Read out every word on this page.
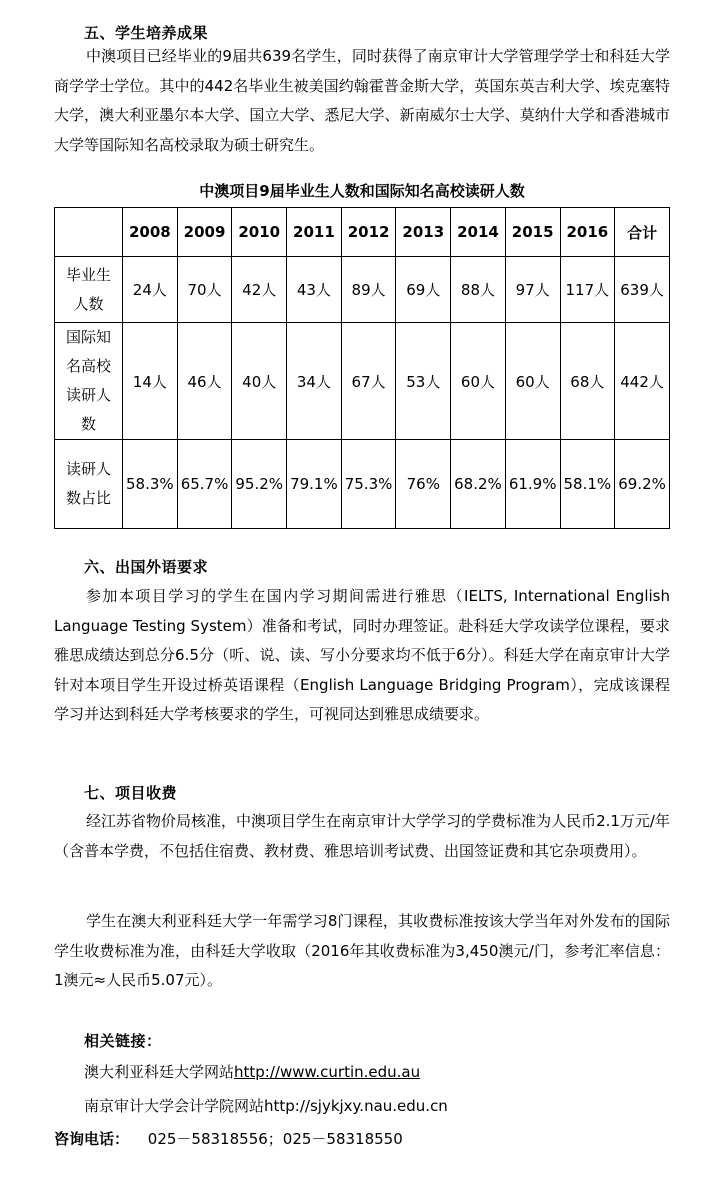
五、学生培养成果
中澳项目已经毕业的9届共639名学生，同时获得了南京审计大学管理学学士和科廷大学商学学士学位。其中的442名毕业生被美国约翰霍普金斯大学，英国东英吉利大学、埃克塞特大学，澳大利亚墨尔本大学、国立大学、悉尼大学、新南威尔士大学、莫纳什大学和香港城市大学等国际知名高校录取为硕士研究生。
中澳项目9届毕业生人数和国际知名高校读研人数
	2008	2009	2010	2011	2012	2013	2014	2015	2016	合计
毕业生人数	24人	70人	42人	43人	89人	69人	88人	97人	117人	639人
国际知名高校读研人数	14人	46人	40人	34人	67人	53人	60人	60人	68人	442人
读研人数占比	58.3%	65.7%	95.2%	79.1%	75.3%	76%	68.2%	61.9%	58.1%	69.2%
六、出国外语要求
参加本项目学习的学生在国内学习期间需进行雅思（IELTS, International English Language Testing System）准备和考试，同时办理签证。赴科廷大学攻读学位课程，要求雅思成绩达到总分6.5分（听、说、读、写小分要求均不低于6分）。科廷大学在南京审计大学针对本项目学生开设过桥英语课程（English Language Bridging Program），完成该课程学习并达到科廷大学考核要求的学生，可视同达到雅思成绩要求。
七、项目收费
经江苏省物价局核准，中澳项目学生在南京审计大学学习的学费标准为人民币2.1万元/年（含普本学费，不包括住宿费、教材费、雅思培训考试费、出国签证费和其它杂项费用）。
学生在澳大利亚科廷大学一年需学习8门课程，其收费标准按该大学当年对外发布的国际学生收费标准为准，由科廷大学收取（2016年其收费标准为3,450澳元/门，参考汇率信息：1澳元≈人民币5.07元）。
相关链接：
澳大利亚科廷大学网站http://www.curtin.edu.au
南京审计大学会计学院网站http://sjykjxy.nau.edu.cn
咨询电话： 025－58318556；025－58318550
